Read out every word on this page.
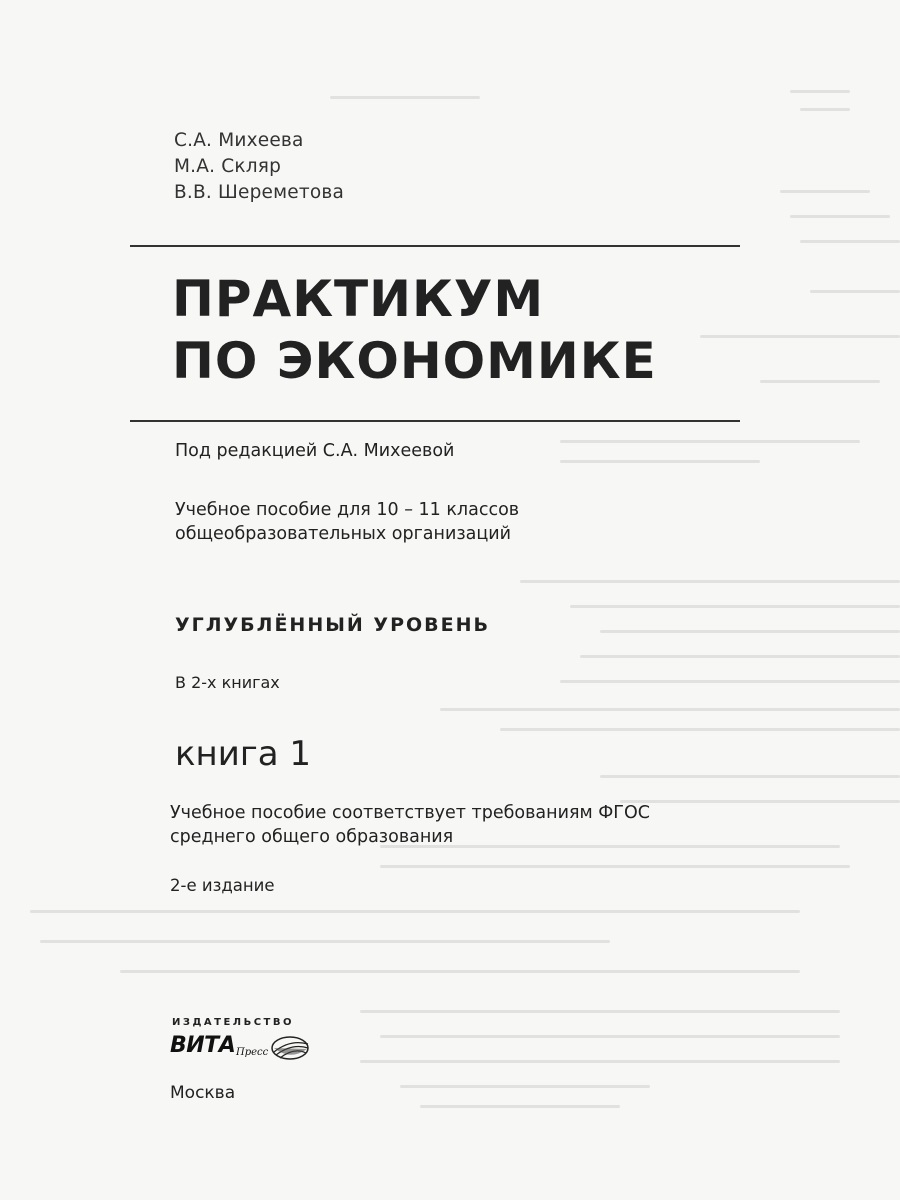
С.А. Михеева
М.А. Скляр
В.В. Шереметова
ПРАКТИКУМ
ПО ЭКОНОМИКЕ
Под редакцией С.А. Михеевой
Учебное пособие для 10 – 11 классов
общеобразовательных организаций
УГЛУБЛЁННЫЙ УРОВЕНЬ
В 2-х книгах
книга 1
Учебное пособие соответствует требованиям ФГОС
среднего общего образования
2-е издание
ИЗДАТЕЛЬСТВО
ВИТА Пресс
Москва
